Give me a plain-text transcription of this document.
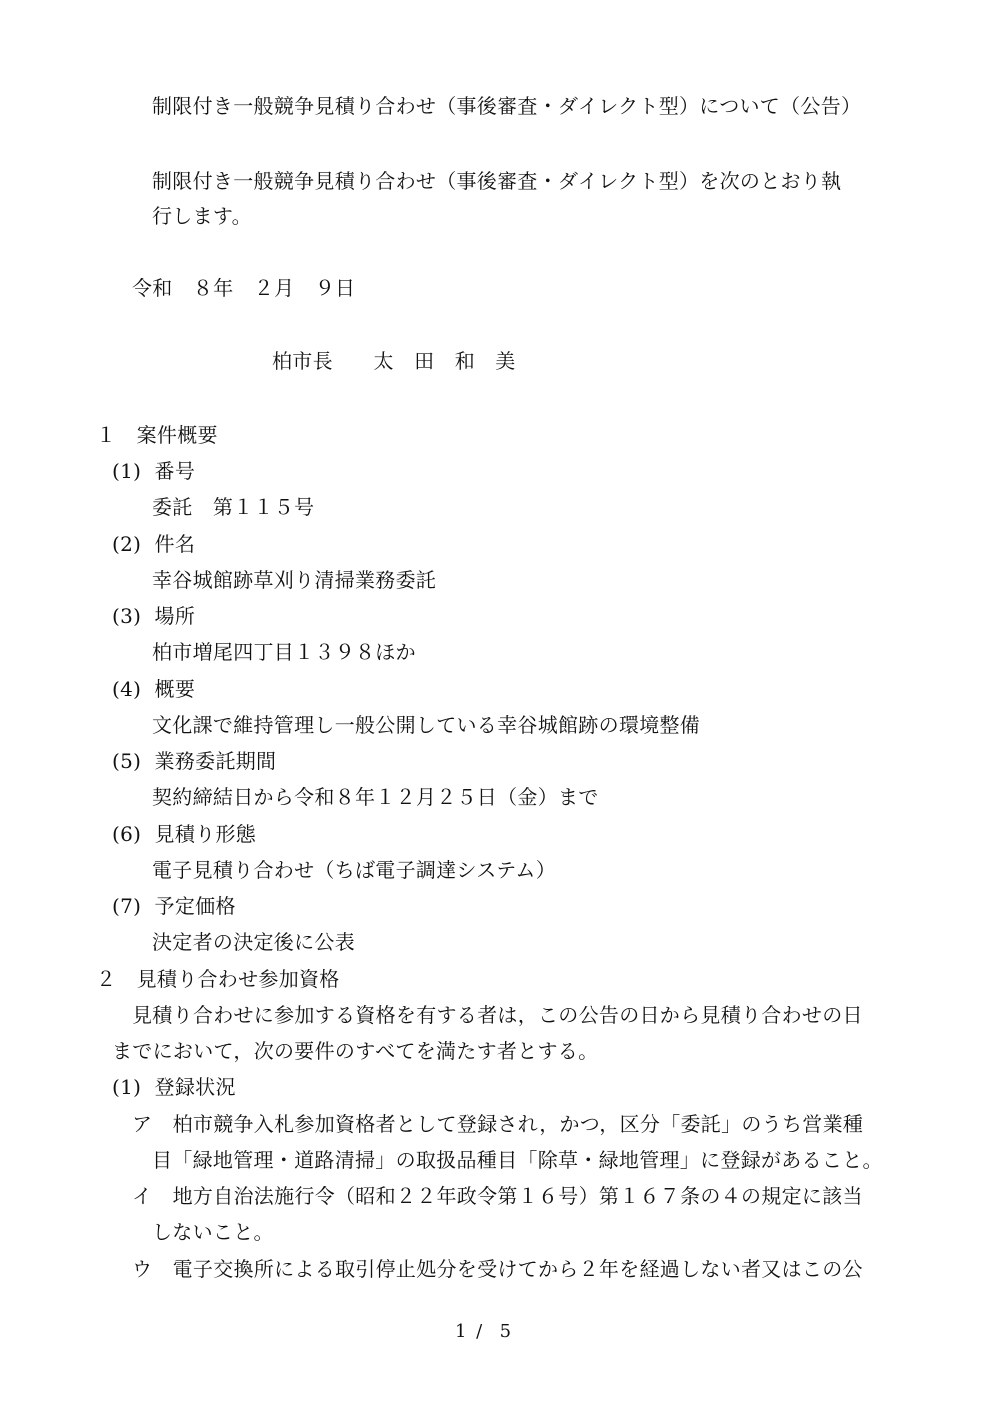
制限付き一般競争見積り合わせ（事後審査・ダイレクト型）について（公告）
制限付き一般競争見積り合わせ（事後審査・ダイレクト型）を次のとおり執
行します。
令和　８年　２月　９日
柏市長　　太　田　和　美
１　案件概要
(1)  番号
委託　第１１５号
(2)  件名
幸谷城館跡草刈り清掃業務委託
(3)  場所
柏市増尾四丁目１３９８ほか
(4)  概要
文化課で維持管理し一般公開している幸谷城館跡の環境整備
(5)  業務委託期間
契約締結日から令和８年１２月２５日（金）まで
(6)  見積り形態
電子見積り合わせ（ちば電子調達システム）
(7)  予定価格
決定者の決定後に公表
２　見積り合わせ参加資格
見積り合わせに参加する資格を有する者は，この公告の日から見積り合わせの日
までにおいて，次の要件のすべてを満たす者とする。
(1)  登録状況
ア　柏市競争入札参加資格者として登録され，かつ，区分「委託」のうち営業種
目「緑地管理・道路清掃」の取扱品種目「除草・緑地管理」に登録があること。
イ　地方自治法施行令（昭和２２年政令第１６号）第１６７条の４の規定に該当
しないこと。
ウ　電子交換所による取引停止処分を受けてから２年を経過しない者又はこの公
1 /  5
